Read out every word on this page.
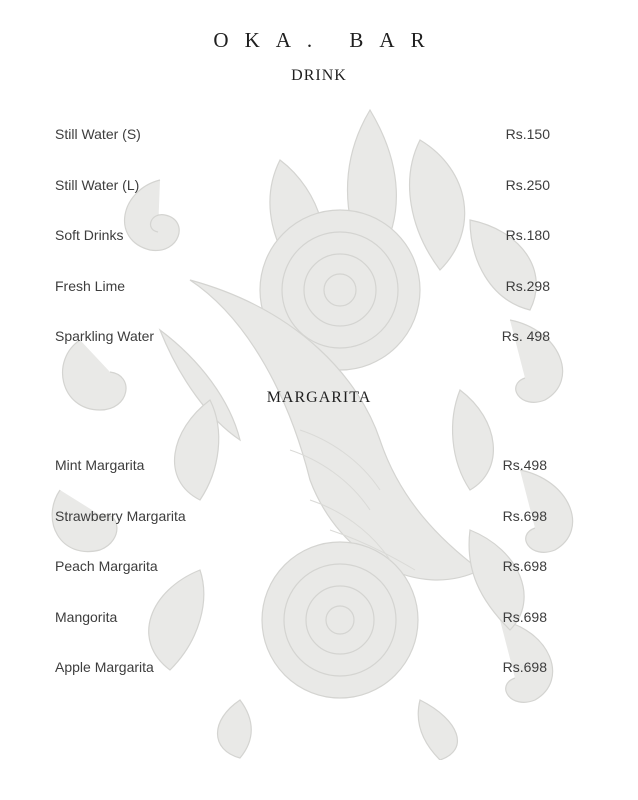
OKA. BAR
DRINK
Still Water (S)	Rs.150
Still Water (L)	Rs.250
Soft Drinks	Rs.180
Fresh Lime	Rs.298
Sparkling Water	Rs. 498
MARGARITA
Mint Margarita	Rs.498
Strawberry Margarita	Rs.698
Peach Margarita	Rs.698
Mangorita	Rs.698
Apple Margarita	Rs.698
